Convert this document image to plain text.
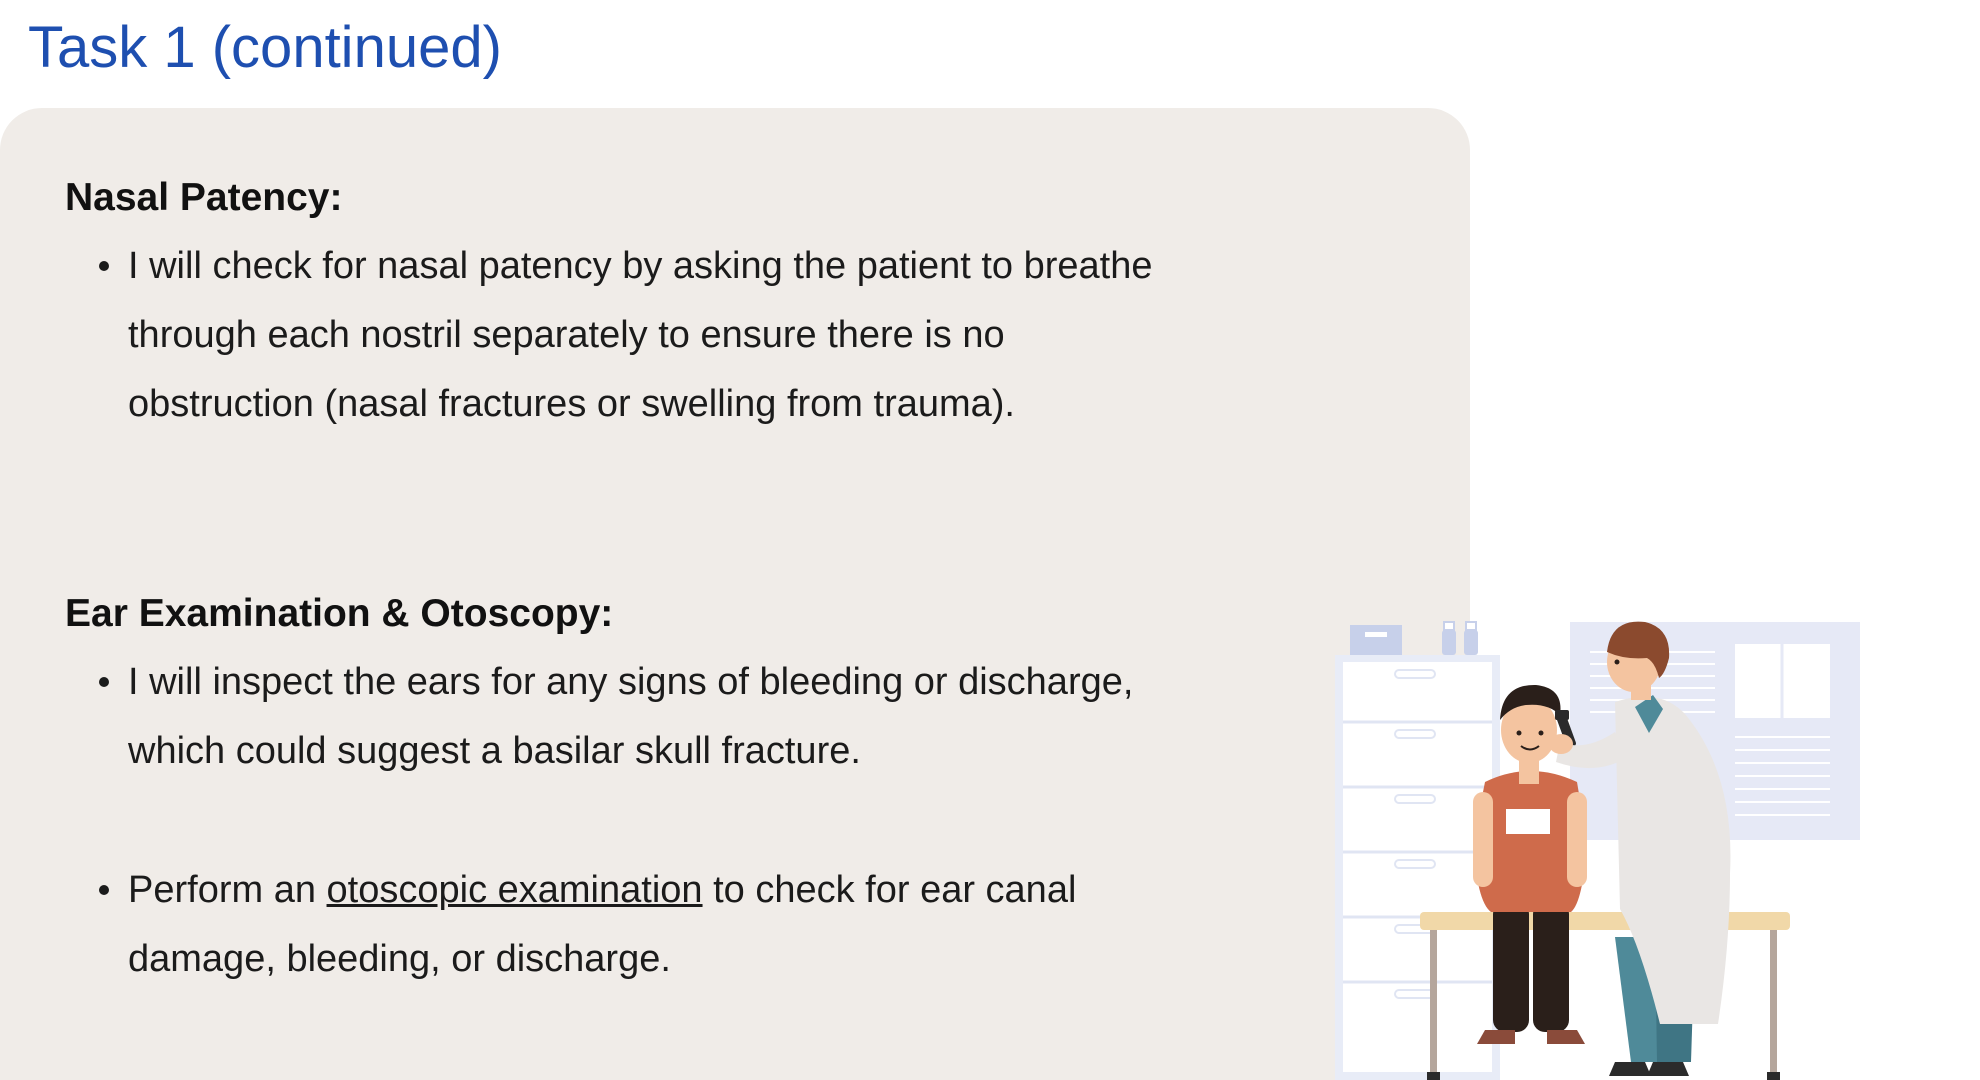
Task 1 (continued)
Nasal Patency:
I will check for nasal patency by asking the patient to breathe through each nostril separately to ensure there is no obstruction (nasal fractures or swelling from trauma).
Ear Examination & Otoscopy:
I will inspect the ears for any signs of bleeding or discharge, which could suggest a basilar skull fracture.
Perform an otoscopic examination to check for ear canal damage, bleeding, or discharge.
